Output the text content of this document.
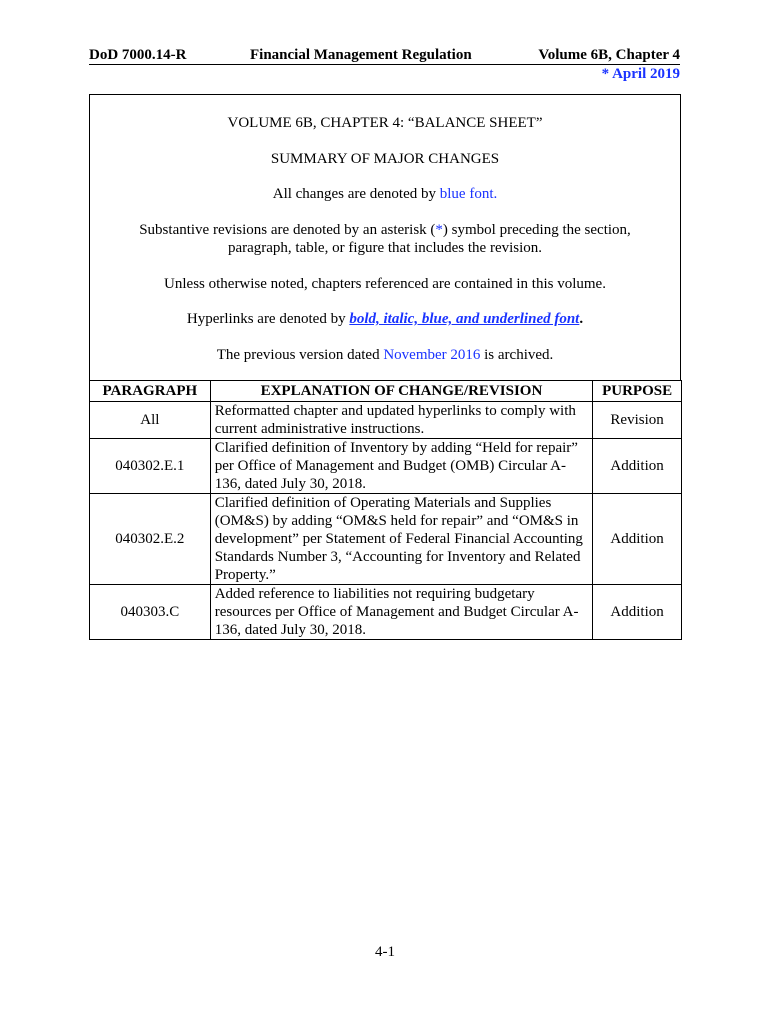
DoD 7000.14-R	Financial Management Regulation	Volume 6B, Chapter 4
* April 2019

VOLUME 6B, CHAPTER 4: “BALANCE SHEET”

SUMMARY OF MAJOR CHANGES

All changes are denoted by blue font.

Substantive revisions are denoted by an asterisk (*) symbol preceding the section,

paragraph, table, or figure that includes the revision.

Unless otherwise noted, chapters referenced are contained in this volume.

Hyperlinks are denoted by bold, italic, blue, and underlined font.

The previous version dated November 2016 is archived.

PARAGRAPH	EXPLANATION OF CHANGE/REVISION	PURPOSE
All	Reformatted chapter and updated hyperlinks to comply with current administrative instructions.	Revision
040302.E.1	Clarified definition of Inventory by adding “Held for repair” per Office of Management and Budget (OMB) Circular A-136, dated July 30, 2018.	Addition
040302.E.2	Clarified definition of Operating Materials and Supplies (OM&S) by adding “OM&S held for repair” and “OM&S in development” per Statement of Federal Financial Accounting Standards Number 3, “Accounting for Inventory and Related Property.”	Addition
040303.C	Added reference to liabilities not requiring budgetary resources per Office of Management and Budget Circular A-136, dated July 30, 2018.	Addition
4-1
